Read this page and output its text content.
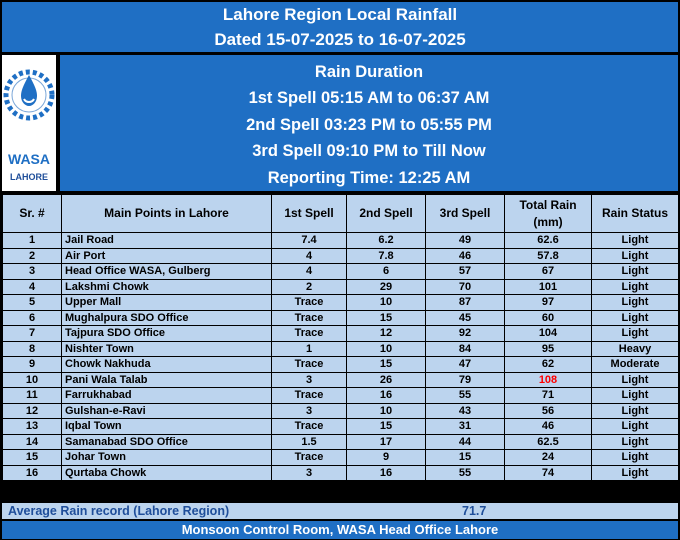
Lahore Region Local Rainfall
Dated 15-07-2025 to 16-07-2025
WASA
LAHORE
Rain Duration
1st Spell 05:15 AM to 06:37 AM
2nd Spell 03:23 PM to 05:55 PM
3rd Spell 09:10 PM to Till Now
Reporting Time: 12:25 AM
Sr. #	Main Points in Lahore	1st Spell	2nd Spell	3rd Spell	Total Rain (mm)	Rain Status
1	Jail Road	7.4	6.2	49	62.6	Light
2	Air Port	4	7.8	46	57.8	Light
3	Head Office WASA, Gulberg	4	6	57	67	Light
4	Lakshmi Chowk	2	29	70	101	Light
5	Upper Mall	Trace	10	87	97	Light
6	Mughalpura SDO Office	Trace	15	45	60	Light
7	Tajpura SDO Office	Trace	12	92	104	Light
8	Nishter Town	1	10	84	95	Heavy
9	Chowk Nakhuda	Trace	15	47	62	Moderate
10	Pani Wala Talab	3	26	79	108	Light
11	Farrukhabad	Trace	16	55	71	Light
12	Gulshan-e-Ravi	3	10	43	56	Light
13	Iqbal Town	Trace	15	31	46	Light
14	Samanabad SDO Office	1.5	17	44	62.5	Light
15	Johar Town	Trace	9	15	24	Light
16	Qurtaba Chowk	3	16	55	74	Light
Average Rain record (Lahore Region)	71.7
Monsoon Control Room, WASA Head Office Lahore
